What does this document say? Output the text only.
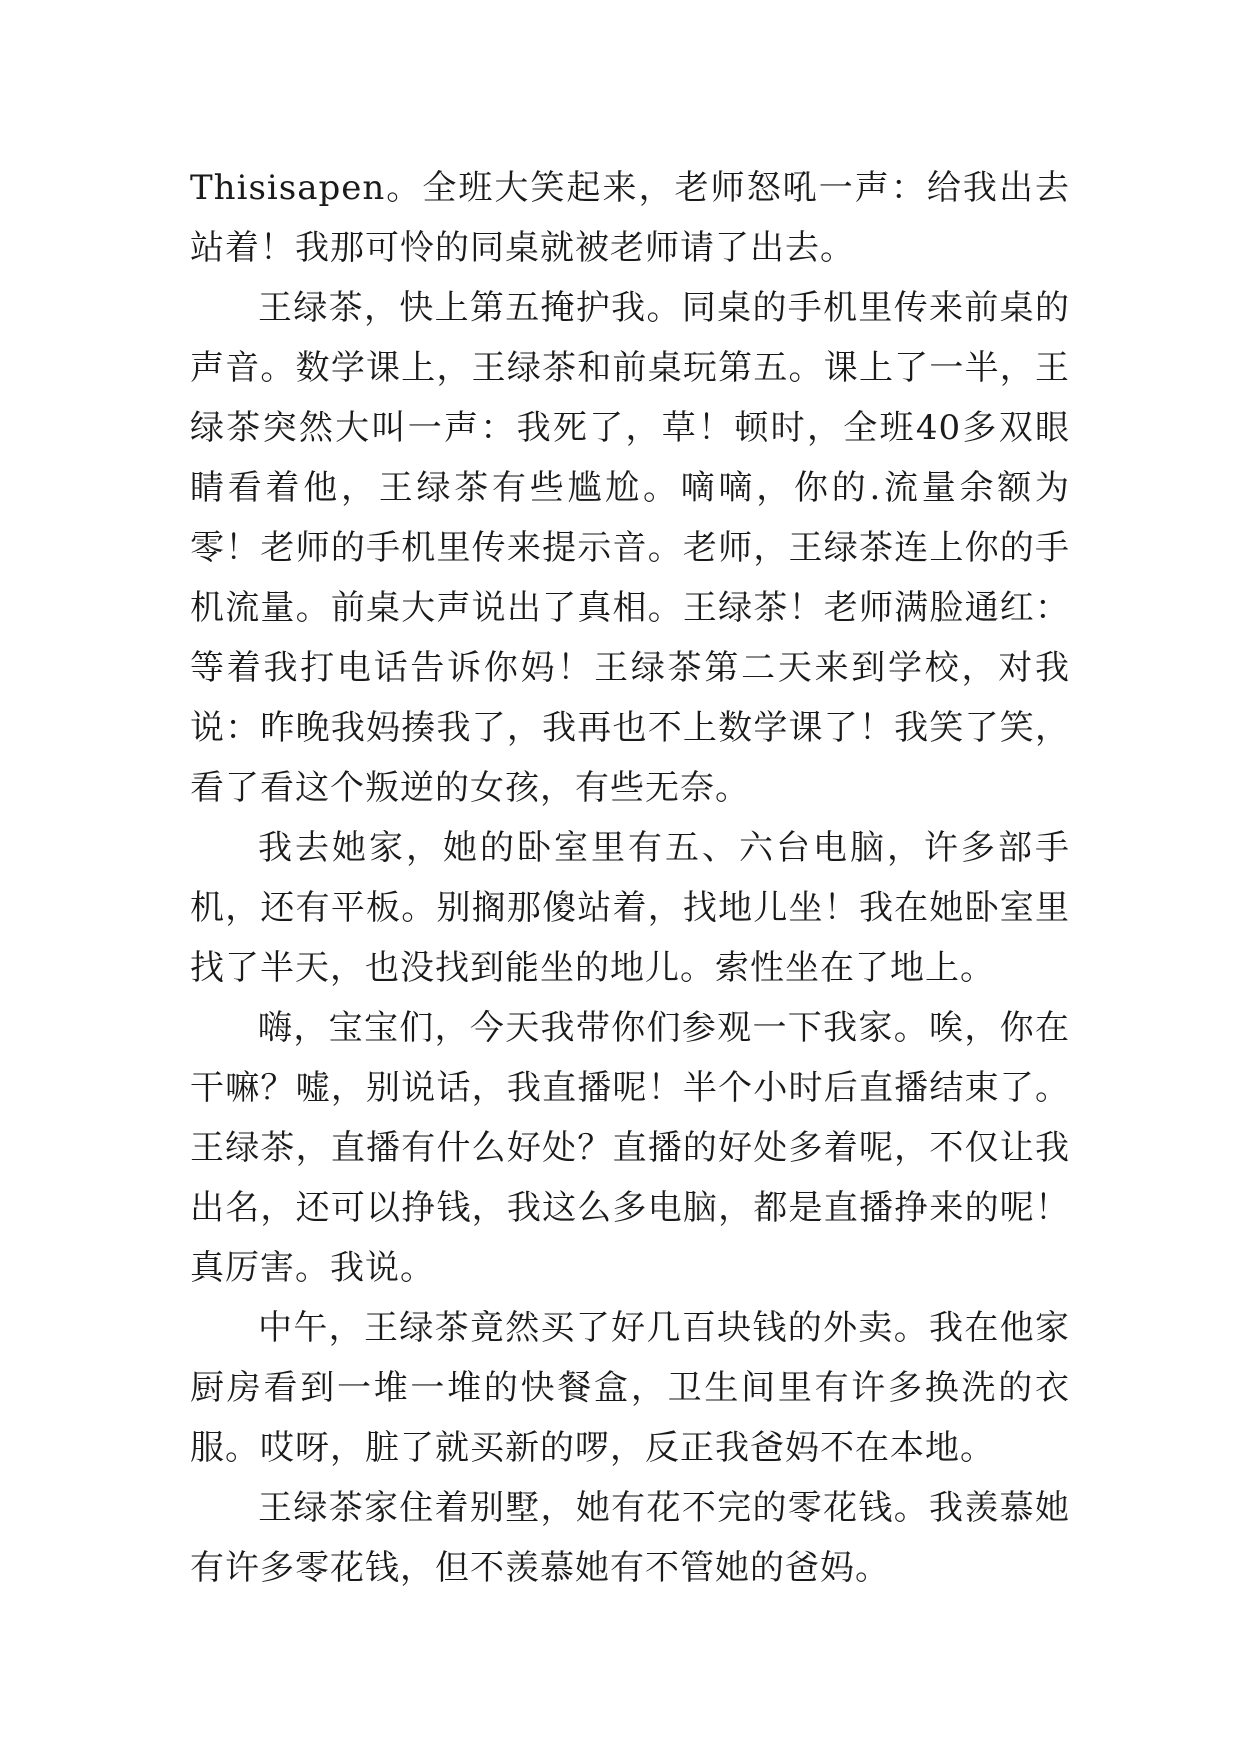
Thisisapen。全班大笑起来，老师怒吼一声：给我出去站着！我那可怜的同桌就被老师请了出去。

王绿茶，快上第五掩护我。同桌的手机里传来前桌的声音。数学课上，王绿茶和前桌玩第五。课上了一半，王绿茶突然大叫一声：我死了，草！顿时，全班40多双眼睛看着他，王绿茶有些尴尬。嘀嘀，你的.流量余额为零！老师的手机里传来提示音。老师，王绿茶连上你的手机流量。前桌大声说出了真相。王绿茶！老师满脸通红：等着我打电话告诉你妈！王绿茶第二天来到学校，对我说：昨晚我妈揍我了，我再也不上数学课了！我笑了笑，看了看这个叛逆的女孩，有些无奈。

我去她家，她的卧室里有五、六台电脑，许多部手机，还有平板。别搁那傻站着，找地儿坐！我在她卧室里找了半天，也没找到能坐的地儿。索性坐在了地上。

嗨，宝宝们，今天我带你们参观一下我家。唉，你在干嘛？嘘，别说话，我直播呢！半个小时后直播结束了。王绿茶，直播有什么好处？直播的好处多着呢，不仅让我出名，还可以挣钱，我这么多电脑，都是直播挣来的呢！真厉害。我说。

中午，王绿茶竟然买了好几百块钱的外卖。我在他家厨房看到一堆一堆的快餐盒，卫生间里有许多换洗的衣服。哎呀，脏了就买新的啰，反正我爸妈不在本地。

王绿茶家住着别墅，她有花不完的零花钱。我羡慕她有许多零花钱，但不羡慕她有不管她的爸妈。
